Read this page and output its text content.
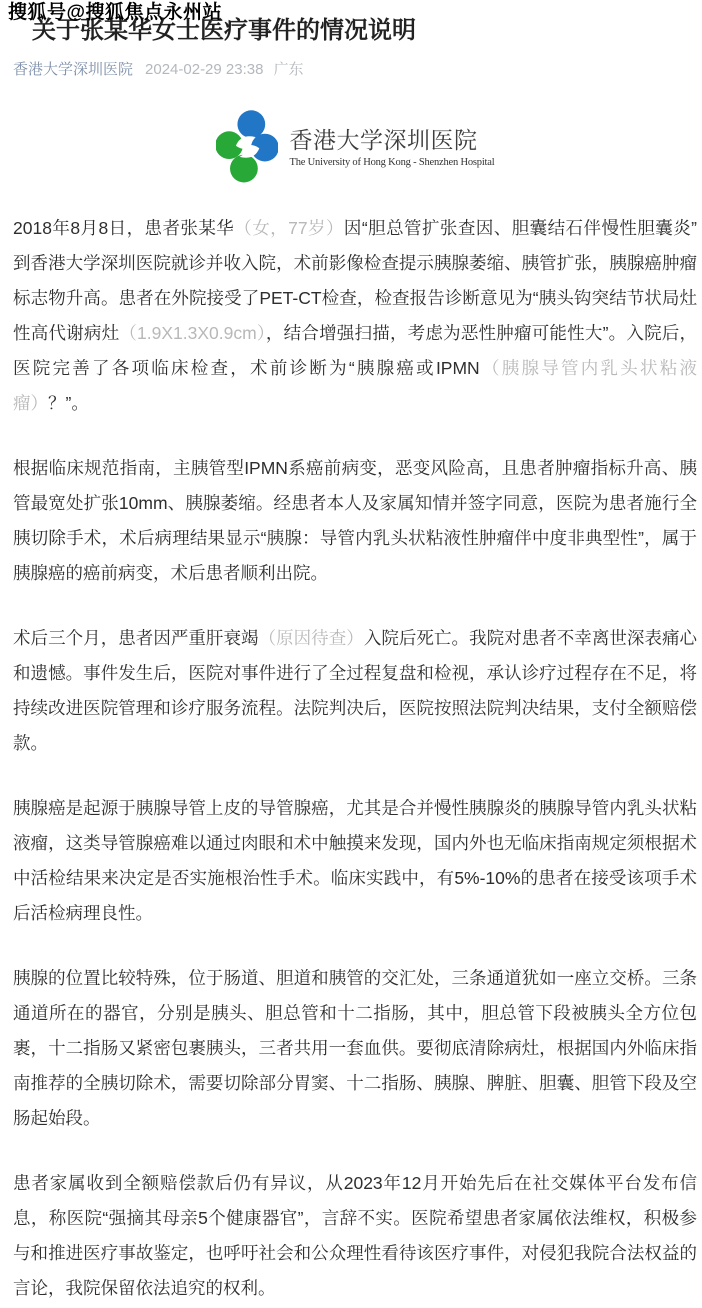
搜狐号@搜狐焦点永州站
关于张某华女士医疗事件的情况说明
香港大学深圳医院 2024-02-29 23:38 广东
香港大学深圳医院
The University of Hong Kong - Shenzhen Hospital

2018年8月8日，患者张某华（女，77岁）因“胆总管扩张查因、胆囊结石伴慢性胆囊炎”到香港大学深圳医院就诊并收入院，术前影像检查提示胰腺萎缩、胰管扩张，胰腺癌肿瘤标志物升高。患者在外院接受了PET-CT检查，检查报告诊断意见为“胰头钩突结节状局灶性高代谢病灶（1.9X1.3X0.9cm），结合增强扫描，考虑为恶性肿瘤可能性大”。入院后，医院完善了各项临床检查，术前诊断为“胰腺癌或IPMN（胰腺导管内乳头状粘液瘤）？”。

根据临床规范指南，主胰管型IPMN系癌前病变，恶变风险高，且患者肿瘤指标升高、胰管最宽处扩张10mm、胰腺萎缩。经患者本人及家属知情并签字同意，医院为患者施行全胰切除手术，术后病理结果显示“胰腺：导管内乳头状粘液性肿瘤伴中度非典型性”，属于胰腺癌的癌前病变，术后患者顺利出院。

术后三个月，患者因严重肝衰竭（原因待查）入院后死亡。我院对患者不幸离世深表痛心和遗憾。事件发生后，医院对事件进行了全过程复盘和检视，承认诊疗过程存在不足，将持续改进医院管理和诊疗服务流程。法院判决后，医院按照法院判决结果，支付全额赔偿款。

胰腺癌是起源于胰腺导管上皮的导管腺癌，尤其是合并慢性胰腺炎的胰腺导管内乳头状粘液瘤，这类导管腺癌难以通过肉眼和术中触摸来发现，国内外也无临床指南规定须根据术中活检结果来决定是否实施根治性手术。临床实践中，有5%-10%的患者在接受该项手术后活检病理良性。

胰腺的位置比较特殊，位于肠道、胆道和胰管的交汇处，三条通道犹如一座立交桥。三条通道所在的器官，分别是胰头、胆总管和十二指肠，其中，胆总管下段被胰头全方位包裹，十二指肠又紧密包裹胰头，三者共用一套血供。要彻底清除病灶，根据国内外临床指南推荐的全胰切除术，需要切除部分胃窦、十二指肠、胰腺、脾脏、胆囊、胆管下段及空肠起始段。

患者家属收到全额赔偿款后仍有异议，从2023年12月开始先后在社交媒体平台发布信息，称医院“强摘其母亲5个健康器官”，言辞不实。医院希望患者家属依法维权，积极参与和推进医疗事故鉴定，也呼吁社会和公众理性看待该医疗事件，对侵犯我院合法权益的言论，我院保留依法追究的权利。
